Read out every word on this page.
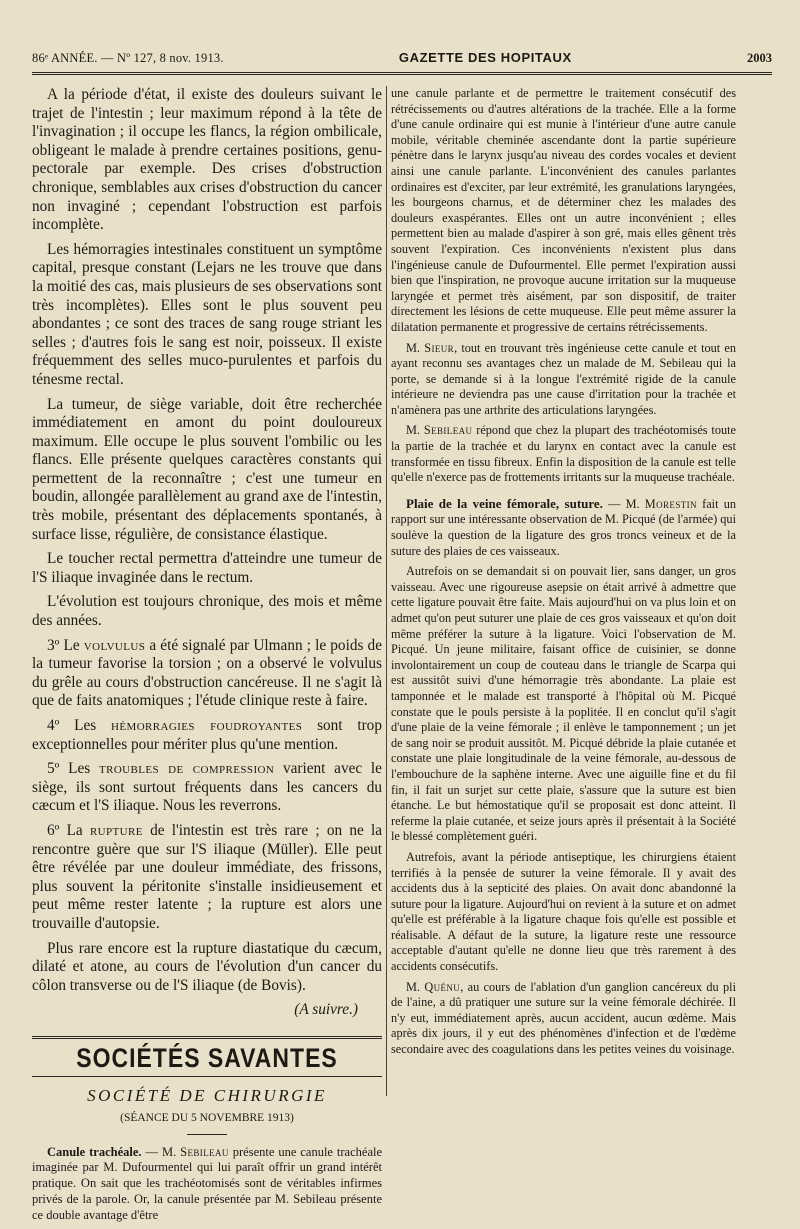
86ᵉ ANNÉE. — Nº 127, 8 nov. 1913.	GAZETTE DES HOPITAUX	2003

A la période d'état, il existe des douleurs suivant le trajet de l'intestin ; leur maximum répond à la tête de l'invagination ; il occupe les flancs, la région ombilicale, obligeant le malade à prendre certaines positions, genu-pectorale par exemple. Des crises d'obstruction chronique, semblables aux crises d'obstruction du cancer non invaginé ; cependant l'obstruction est parfois incomplète.

Les hémorragies intestinales constituent un symptôme capital, presque constant (Lejars ne les trouve que dans la moitié des cas, mais plusieurs de ses observations sont très incomplètes). Elles sont le plus souvent peu abondantes ; ce sont des traces de sang rouge striant les selles ; d'autres fois le sang est noir, poisseux. Il existe fréquemment des selles muco-purulentes et parfois du ténesme rectal.

La tumeur, de siège variable, doit être recherchée immédiatement en amont du point douloureux maximum. Elle occupe le plus souvent l'ombilic ou les flancs. Elle présente quelques caractères constants qui permettent de la reconnaître ; c'est une tumeur en boudin, allongée parallèlement au grand axe de l'intestin, très mobile, présentant des déplacements spontanés, à surface lisse, régulière, de consistance élastique.

Le toucher rectal permettra d'atteindre une tumeur de l'S iliaque invaginée dans le rectum.

L'évolution est toujours chronique, des mois et même des années.

3º Le volvulus a été signalé par Ulmann ; le poids de la tumeur favorise la torsion ; on a observé le volvulus du grêle au cours d'obstruction cancéreuse. Il ne s'agit là que de faits anatomiques ; l'étude clinique reste à faire.

4º Les hémorragies foudroyantes sont trop exceptionnelles pour mériter plus qu'une mention.

5º Les troubles de compression varient avec le siège, ils sont surtout fréquents dans les cancers du cæcum et l'S iliaque. Nous les reverrons.

6º La rupture de l'intestin est très rare ; on ne la rencontre guère que sur l'S iliaque (Müller). Elle peut être révélée par une douleur immédiate, des frissons, plus souvent la péritonite s'installe insidieusement et peut même rester latente ; la rupture est alors une trouvaille d'autopsie.

Plus rare encore est la rupture diastatique du cæcum, dilaté et atone, au cours de l'évolution d'un cancer du côlon transverse ou de l'S iliaque (de Bovis).

(A suivre.)

SOCIÉTÉS SAVANTES
SOCIÉTÉ DE CHIRURGIE
(SÉANCE DU 5 NOVEMBRE 1913)

Canule trachéale. — M. Sebileau présente une canule trachéale imaginée par M. Dufourmentel qui lui paraît offrir un grand intérêt pratique. On sait que les trachéotomisés sont de véritables infirmes privés de la parole. Or, la canule présentée par M. Sebileau présente ce double avantage d'être

une canule parlante et de permettre le traitement consécutif des rétrécissements ou d'autres altérations de la trachée. Elle a la forme d'une canule ordinaire qui est munie à l'intérieur d'une autre canule mobile, véritable cheminée ascendante dont la partie supérieure pénètre dans le larynx jusqu'au niveau des cordes vocales et devient ainsi une canule parlante. L'inconvénient des canules parlantes ordinaires est d'exciter, par leur extrémité, les granulations laryngées, les bourgeons charnus, et de déterminer chez les malades des douleurs exaspérantes. Elles ont un autre inconvénient ; elles permettent bien au malade d'aspirer à son gré, mais elles gênent très souvent l'expiration. Ces inconvénients n'existent plus dans l'ingénieuse canule de Dufourmentel. Elle permet l'expiration aussi bien que l'inspiration, ne provoque aucune irritation sur la muqueuse laryngée et permet très aisément, par son dispositif, de traiter directement les lésions de cette muqueuse. Elle peut même assurer la dilatation permanente et progressive de certains rétrécissements.

M. Sieur, tout en trouvant très ingénieuse cette canule et tout en ayant reconnu ses avantages chez un malade de M. Sebileau qui la porte, se demande si à la longue l'extrémité rigide de la canule intérieure ne deviendra pas une cause d'irritation pour la trachée et n'amènera pas une arthrite des articulations laryngées.

M. Sebileau répond que chez la plupart des trachéotomisés toute la partie de la trachée et du larynx en contact avec la canule est transformée en tissu fibreux. Enfin la disposition de la canule est telle qu'elle n'exerce pas de frottements irritants sur la muqueuse trachéale.

Plaie de la veine fémorale, suture. — M. Morestin fait un rapport sur une intéressante observation de M. Picqué (de l'armée) qui soulève la question de la ligature des gros troncs veineux et de la suture des plaies de ces vaisseaux.

Autrefois on se demandait si on pouvait lier, sans danger, un gros vaisseau. Avec une rigoureuse asepsie on était arrivé à admettre que cette ligature pouvait être faite. Mais aujourd'hui on va plus loin et on admet qu'on peut suturer une plaie de ces gros vaisseaux et qu'on doit même préférer la suture à la ligature. Voici l'observation de M. Picqué. Un jeune militaire, faisant office de cuisinier, se donne involontairement un coup de couteau dans le triangle de Scarpa qui est aussitôt suivi d'une hémorragie très abondante. La plaie est tamponnée et le malade est transporté à l'hôpital où M. Picqué constate que le pouls persiste à la poplitée. Il en conclut qu'il s'agit d'une plaie de la veine fémorale ; il enlève le tamponnement ; un jet de sang noir se produit aussitôt. M. Picqué débride la plaie cutanée et constate une plaie longitudinale de la veine fémorale, au-dessous de l'embouchure de la saphène interne. Avec une aiguille fine et du fil fin, il fait un surjet sur cette plaie, s'assure que la suture est bien étanche. Le but hémostatique qu'il se proposait est donc atteint. Il referme la plaie cutanée, et seize jours après il présentait à la Société le blessé complètement guéri.

Autrefois, avant la période antiseptique, les chirurgiens étaient terrifiés à la pensée de suturer la veine fémorale. Il y avait des accidents dus à la septicité des plaies. On avait donc abandonné la suture pour la ligature. Aujourd'hui on revient à la suture et on admet qu'elle est préférable à la ligature chaque fois qu'elle est possible et réalisable. A défaut de la suture, la ligature reste une ressource acceptable d'autant qu'elle ne donne lieu que très rarement à des accidents consécutifs.

M. Quénu, au cours de l'ablation d'un ganglion cancéreux du pli de l'aine, a dû pratiquer une suture sur la veine fémorale déchirée. Il n'y eut, immédiatement après, aucun accident, aucun œdème. Mais après dix jours, il y eut des phénomènes d'infection et de l'œdème secondaire avec des coagulations dans les petites veines du voisinage.
